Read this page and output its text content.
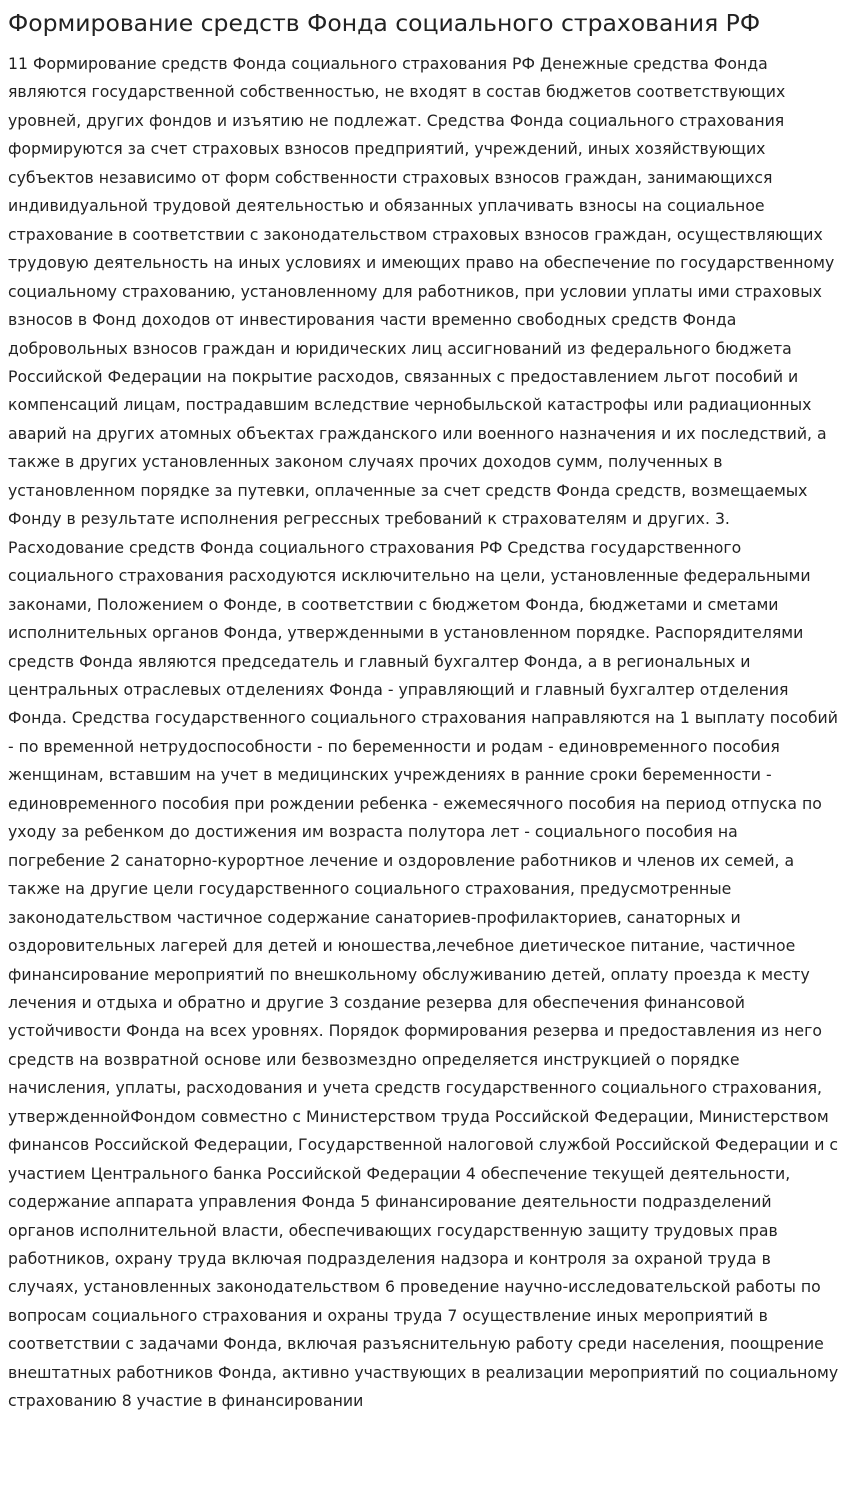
Формирование средств Фонда социального страхования РФ

11 Формирование средств Фонда социального страхования РФ Денежные средства Фонда являются государственной собственностью, не входят в состав бюджетов соответствующих уровней, других фондов и изъятию не подлежат. Средства Фонда социального страхования формируются за счет страховых взносов предприятий, учреждений, иных хозяйствующих субъектов независимо от форм собственности страховых взносов граждан, занимающихся индивидуальной трудовой деятельностью и обязанных уплачивать взносы на социальное страхование в соответствии с законодательством страховых взносов граждан, осуществляющих трудовую деятельность на иных условиях и имеющих право на обеспечение по государственному социальному страхованию, установленному для работников, при условии уплаты ими страховых взносов в Фонд доходов от инвестирования части временно свободных средств Фонда добровольных взносов граждан и юридических лиц ассигнований из федерального бюджета Российской Федерации на покрытие расходов, связанных с предоставлением льгот пособий и компенсаций лицам, пострадавшим вследствие чернобыльской катастрофы или радиационных аварий на других атомных объектах гражданского или военного назначения и их последствий, а также в других установленных законом случаях прочих доходов сумм, полученных в установленном порядке за путевки, оплаченные за счет средств Фонда средств, возмещаемых Фонду в результате исполнения регрессных требований к страхователям и других. 3. Расходование средств Фонда социального страхования РФ Средства государственного социального страхования расходуются исключительно на цели, установленные федеральными законами, Положением о Фонде, в соответствии с бюджетом Фонда, бюджетами и сметами исполнительных органов Фонда, утвержденными в установленном порядке. Распорядителями средств Фонда являются председатель и главный бухгалтер Фонда, а в региональных и центральных отраслевых отделениях Фонда - управляющий и главный бухгалтер отделения Фонда. Средства государственного социального страхования направляются на 1 выплату пособий - по временной нетрудоспособности - по беременности и родам - единовременного пособия женщинам, вставшим на учет в медицинских учреждениях в ранние сроки беременности - единовременного пособия при рождении ребенка - ежемесячного пособия на период отпуска по уходу за ребенком до достижения им возраста полутора лет - социального пособия на погребение 2 санаторно-курортное лечение и оздоровление работников и членов их семей, а также на другие цели государственного социального страхования, предусмотренные законодательством частичное содержание санаториев-профилакториев, санаторных и оздоровительных лагерей для детей и юношества,лечебное диетическое питание, частичное финансирование мероприятий по внешкольному обслуживанию детей, оплату проезда к месту лечения и отдыха и обратно и другие 3 создание резерва для обеспечения финансовой устойчивости Фонда на всех уровнях. Порядок формирования резерва и предоставления из него средств на возвратной основе или безвозмездно определяется инструкцией о порядке начисления, уплаты, расходования и учета средств государственного социального страхования, утвержденнойФондом совместно с Министерством труда Российской Федерации, Министерством финансов Российской Федерации, Государственной налоговой службой Российской Федерации и с участием Центрального банка Российской Федерации 4 обеспечение текущей деятельности, содержание аппарата управления Фонда 5 финансирование деятельности подразделений органов исполнительной власти, обеспечивающих государственную защиту трудовых прав работников, охрану труда включая подразделения надзора и контроля за охраной труда в случаях, установленных законодательством 6 проведение научно-исследовательской работы по вопросам социального страхования и охраны труда 7 осуществление иных мероприятий в соответствии с задачами Фонда, включая разъяснительную работу среди населения, поощрение внештатных работников Фонда, активно участвующих в реализации мероприятий по социальному страхованию 8 участие в финансировании
